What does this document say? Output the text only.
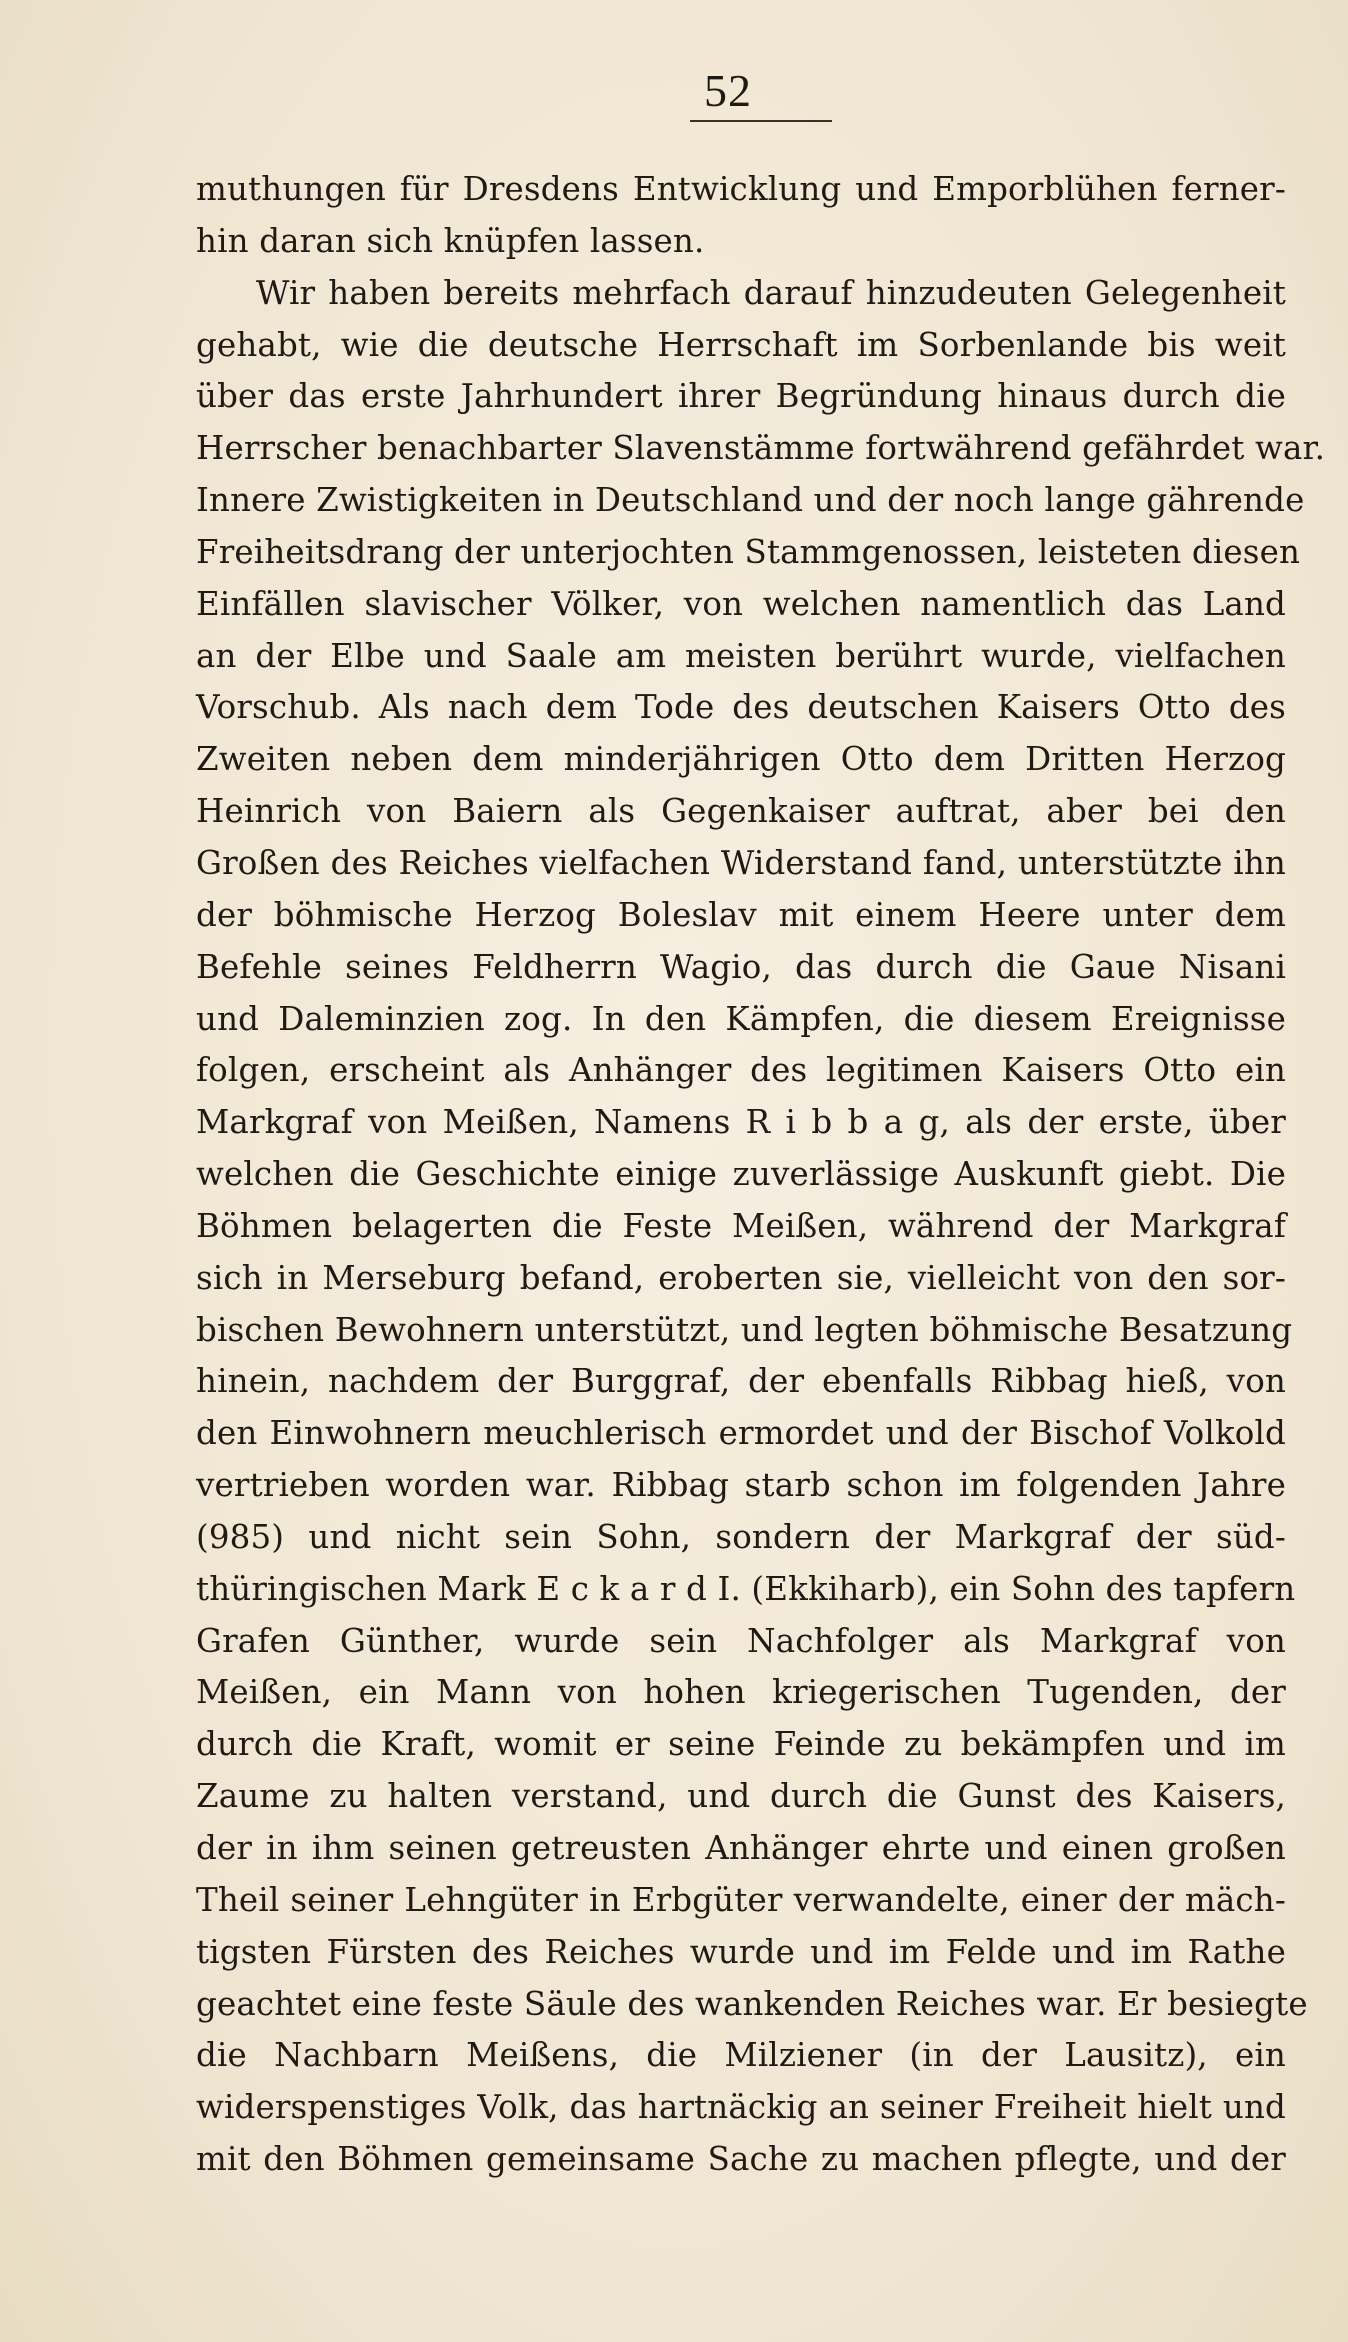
52
muthungen für Dresdens Entwicklung und Emporblühen ferner-
hin daran sich knüpfen lassen.
Wir haben bereits mehrfach darauf hinzudeuten Gelegenheit
gehabt, wie die deutsche Herrschaft im Sorbenlande bis weit
über das erste Jahrhundert ihrer Begründung hinaus durch die
Herrscher benachbarter Slavenstämme fortwährend gefährdet war.
Innere Zwistigkeiten in Deutschland und der noch lange gährende
Freiheitsdrang der unterjochten Stammgenossen, leisteten diesen
Einfällen slavischer Völker, von welchen namentlich das Land
an der Elbe und Saale am meisten berührt wurde, vielfachen
Vorschub. Als nach dem Tode des deutschen Kaisers Otto des
Zweiten neben dem minderjährigen Otto dem Dritten Herzog
Heinrich von Baiern als Gegenkaiser auftrat, aber bei den
Großen des Reiches vielfachen Widerstand fand, unterstützte ihn
der böhmische Herzog Boleslav mit einem Heere unter dem
Befehle seines Feldherrn Wagio, das durch die Gaue Nisani
und Daleminzien zog. In den Kämpfen, die diesem Ereignisse
folgen, erscheint als Anhänger des legitimen Kaisers Otto ein
Markgraf von Meißen, Namens R i b b a g, als der erste, über
welchen die Geschichte einige zuverlässige Auskunft giebt. Die
Böhmen belagerten die Feste Meißen, während der Markgraf
sich in Merseburg befand, eroberten sie, vielleicht von den sor-
bischen Bewohnern unterstützt, und legten böhmische Besatzung
hinein, nachdem der Burggraf, der ebenfalls Ribbag hieß, von
den Einwohnern meuchlerisch ermordet und der Bischof Volkold
vertrieben worden war. Ribbag starb schon im folgenden Jahre
(985) und nicht sein Sohn, sondern der Markgraf der süd-
thüringischen Mark E c k a r d I. (Ekkiharb), ein Sohn des tapfern
Grafen Günther, wurde sein Nachfolger als Markgraf von
Meißen, ein Mann von hohen kriegerischen Tugenden, der
durch die Kraft, womit er seine Feinde zu bekämpfen und im
Zaume zu halten verstand, und durch die Gunst des Kaisers,
der in ihm seinen getreusten Anhänger ehrte und einen großen
Theil seiner Lehngüter in Erbgüter verwandelte, einer der mäch-
tigsten Fürsten des Reiches wurde und im Felde und im Rathe
geachtet eine feste Säule des wankenden Reiches war. Er besiegte
die Nachbarn Meißens, die Milziener (in der Lausitz), ein
widerspenstiges Volk, das hartnäckig an seiner Freiheit hielt und
mit den Böhmen gemeinsame Sache zu machen pflegte, und der
